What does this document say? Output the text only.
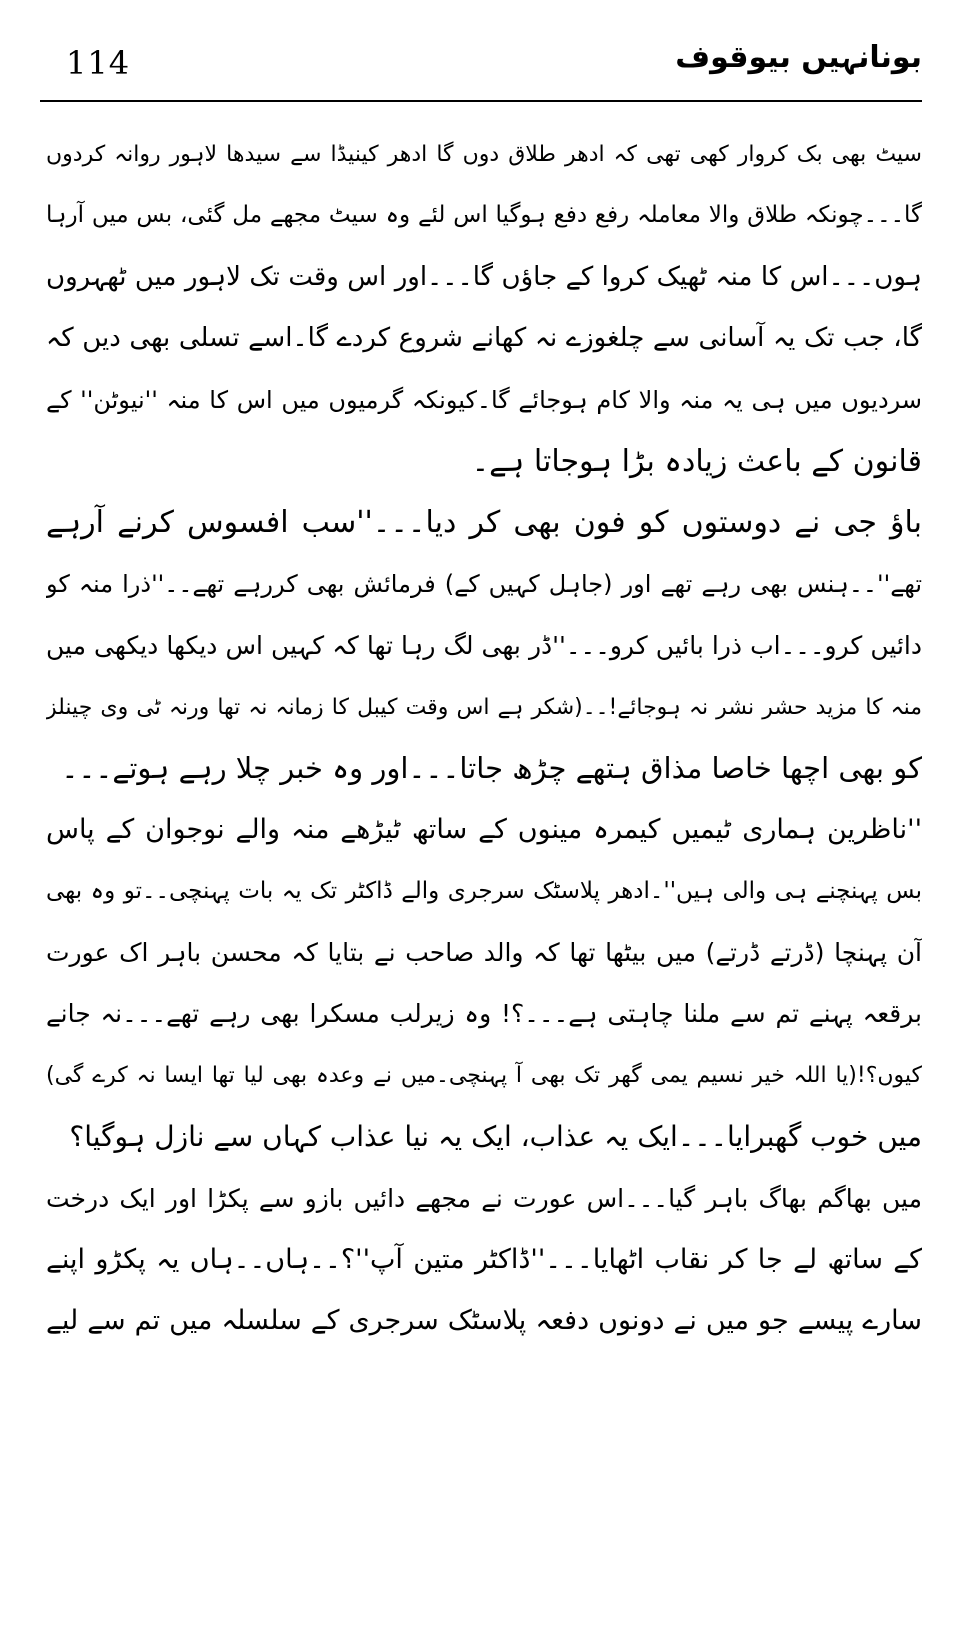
114	بونانہیں بیوقوف
سیٹ بھی بک کروار کھی تھی کہ ادھر طلاق دوں گا ادھر کینیڈا سے سیدھا لاہور روانہ کردوں
گا۔۔۔چونکہ طلاق والا معاملہ رفع دفع ہوگیا اس لئے وہ سیٹ مجھے مل گئی، بس میں آرہا
ہوں۔۔۔اس کا منہ ٹھیک کروا کے جاؤں گا۔۔۔اور اس وقت تک لاہور میں ٹھہروں
گا، جب تک یہ آسانی سے چلغوزے نہ کھانے شروع کردے گا۔اسے تسلی بھی دیں کہ
سردیوں میں ہی یہ منہ والا کام ہوجائے گا۔کیونکہ گرمیوں میں اس کا منہ ''نیوٹن'' کے
قانون کے باعث زیادہ بڑا ہوجاتا ہے۔
باؤ جی نے دوستوں کو فون بھی کر دیا۔۔۔''سب افسوس کرنے آرہے
تھے''۔۔ہنس بھی رہے تھے اور (جاہل کہیں کے) فرمائش بھی کررہے تھے۔۔''ذرا منہ کو
دائیں کرو۔۔۔اب ذرا بائیں کرو۔۔۔''ڈر بھی لگ رہا تھا کہ کہیں اس دیکھا دیکھی میں
منہ کا مزید حشر نشر نہ ہوجائے!۔۔(شکر ہے اس وقت کیبل کا زمانہ نہ تھا ورنہ ٹی وی چینلز
کو بھی اچھا خاصا مذاق ہتھے چڑھ جاتا۔۔۔اور وہ خبر چلا رہے ہوتے۔۔۔
''ناظرین ہماری ٹیمیں کیمرہ مینوں کے ساتھ ٹیڑھے منہ والے نوجوان کے پاس
بس پہنچنے ہی والی ہیں''۔ادھر پلاسٹک سرجری والے ڈاکٹر تک یہ بات پہنچی۔۔تو وہ بھی
آن پہنچا (ڈرتے ڈرتے) میں بیٹھا تھا کہ والد صاحب نے بتایا کہ محسن باہر اک عورت
برقعہ پہنے تم سے ملنا چاہتی ہے۔۔۔؟! وہ زیرلب مسکرا بھی رہے تھے۔۔۔نہ جانے
کیوں؟!(یا اللہ خیر نسیم یمی گھر تک بھی آ پہنچی۔میں نے وعدہ بھی لیا تھا ایسا نہ کرے گی)
میں خوب گھبرایا۔۔۔ایک یہ عذاب، ایک یہ نیا عذاب کہاں سے نازل ہوگیا؟
میں بھاگم بھاگ باہر گیا۔۔۔اس عورت نے مجھے دائیں بازو سے پکڑا اور ایک درخت
کے ساتھ لے جا کر نقاب اٹھایا۔۔۔''ڈاکٹر متین آپ''؟۔۔ہاں۔۔ہاں یہ پکڑو اپنے
سارے پیسے جو میں نے دونوں دفعہ پلاسٹک سرجری کے سلسلہ میں تم سے لیے
